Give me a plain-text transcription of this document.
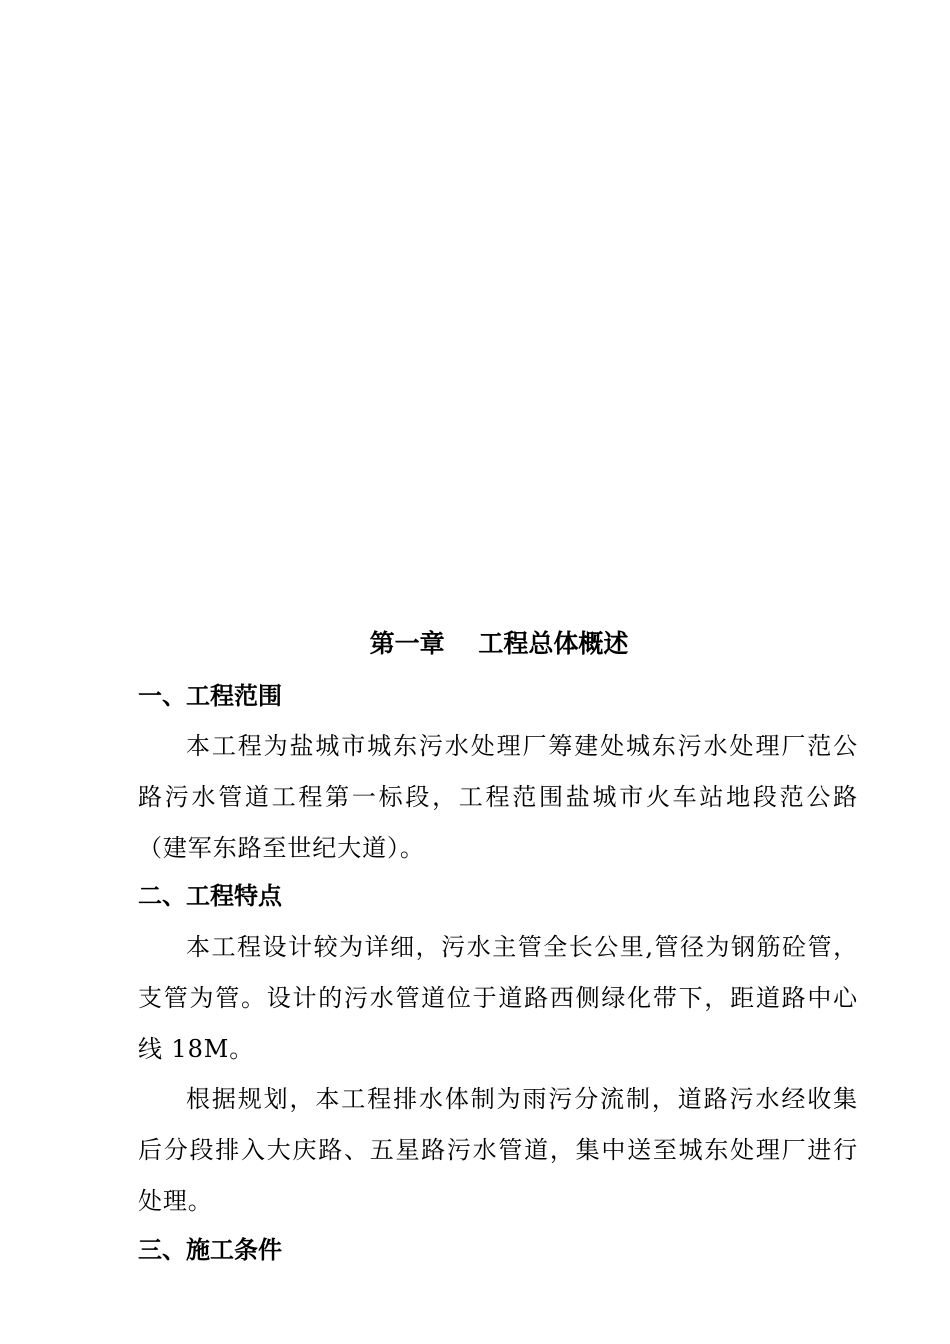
第一章　 工程总体概述
一、工程范围
本工程为盐城市城东污水处理厂筹建处城东污水处理厂范公路污水管道工程第一标段，工程范围盐城市火车站地段范公路（建军东路至世纪大道）。
二、工程特点
本工程设计较为详细，污水主管全长公里,管径为钢筋砼管，支管为管。设计的污水管道位于道路西侧绿化带下，距道路中心线 18M。
根据规划，本工程排水体制为雨污分流制，道路污水经收集后分段排入大庆路、五星路污水管道，集中送至城东处理厂进行处理。
三、施工条件
